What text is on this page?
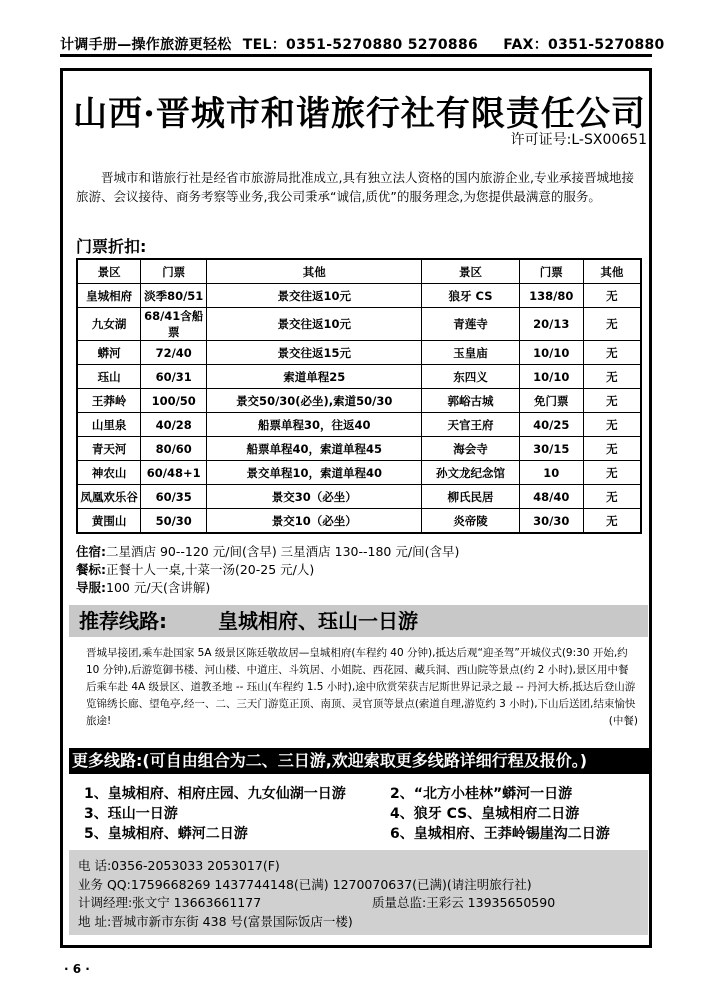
计调手册—操作旅游更轻松 TEL：0351-5270880 5270886 FAX：0351-5270880
山西·晋城市和谐旅行社有限责任公司
许可证号:L-SX00651
晋城市和谐旅行社是经省市旅游局批准成立,具有独立法人资格的国内旅游企业,专业承接晋城地接旅游、会议接待、商务考察等业务,我公司秉承“诚信,质优”的服务理念,为您提供最满意的服务。
门票折扣:
景区	门票	其他	景区	门票	其他
皇城相府	淡季80/51	景交往返10元	狼牙 CS	138/80	无
九女湖	68/41含船票	景交往返10元	青莲寺	20/13	无
蟒河	72/40	景交往返15元	玉皇庙	10/10	无
珏山	60/31	索道单程25	东四义	10/10	无
王莽岭	100/50	景交50/30(必坐),索道50/30	郭峪古城	免门票	无
山里泉	40/28	船票单程30，往返40	天官王府	40/25	无
青天河	80/60	船票单程40，索道单程45	海会寺	30/15	无
神农山	60/48+1	景交单程10，索道单程40	孙文龙纪念馆	10	无
凤凰欢乐谷	60/35	景交30（必坐）	柳氏民居	48/40	无
黄围山	50/30	景交10（必坐）	炎帝陵	30/30	无
住宿:二星酒店 90--120 元/间(含早) 三星酒店 130--180 元/间(含早)
餐标:正餐十人一桌,十菜一汤(20-25 元/人)
导服:100 元/天(含讲解)
推荐线路:	皇城相府、珏山一日游
晋城早接团,乘车赴国家 5A 级景区陈廷敬故居—皇城相府(车程约 40 分钟),抵达后观“迎圣驾”开城仪式(9:30 开始,约 10 分钟),后游览御书楼、河山楼、中道庄、斗筑居、小姐院、西花园、藏兵洞、西山院等景点(约 2 小时),景区用中餐后乘车赴 4A 级景区、道教圣地 -- 珏山(车程约 1.5 小时),途中欣赏荣获吉尼斯世界记录之最 -- 丹河大桥,抵达后登山游览锦绣长廊、望龟亭,经一、二、三天门游览正顶、南顶、灵官顶等景点(索道自理,游览约 3 小时),下山后送团,结束愉快旅途!	(中餐)
更多线路:(可自由组合为二、三日游,欢迎索取更多线路详细行程及报价。)
1、皇城相府、相府庄园、九女仙湖一日游	2、“北方小桂林”蟒河一日游
3、珏山一日游	4、狼牙 CS、皇城相府二日游
5、皇城相府、蟒河二日游	6、皇城相府、王莽岭锡崖沟二日游
电 话:0356-2053033 2053017(F)
业务 QQ:1759668269 1437744148(已满) 1270070637(已满)(请注明旅行社)
计调经理:张文宁 13663661177	质量总监:王彩云 13935650590
地 址:晋城市新市东街 438 号(富景国际饭店一楼)
· 6 ·
